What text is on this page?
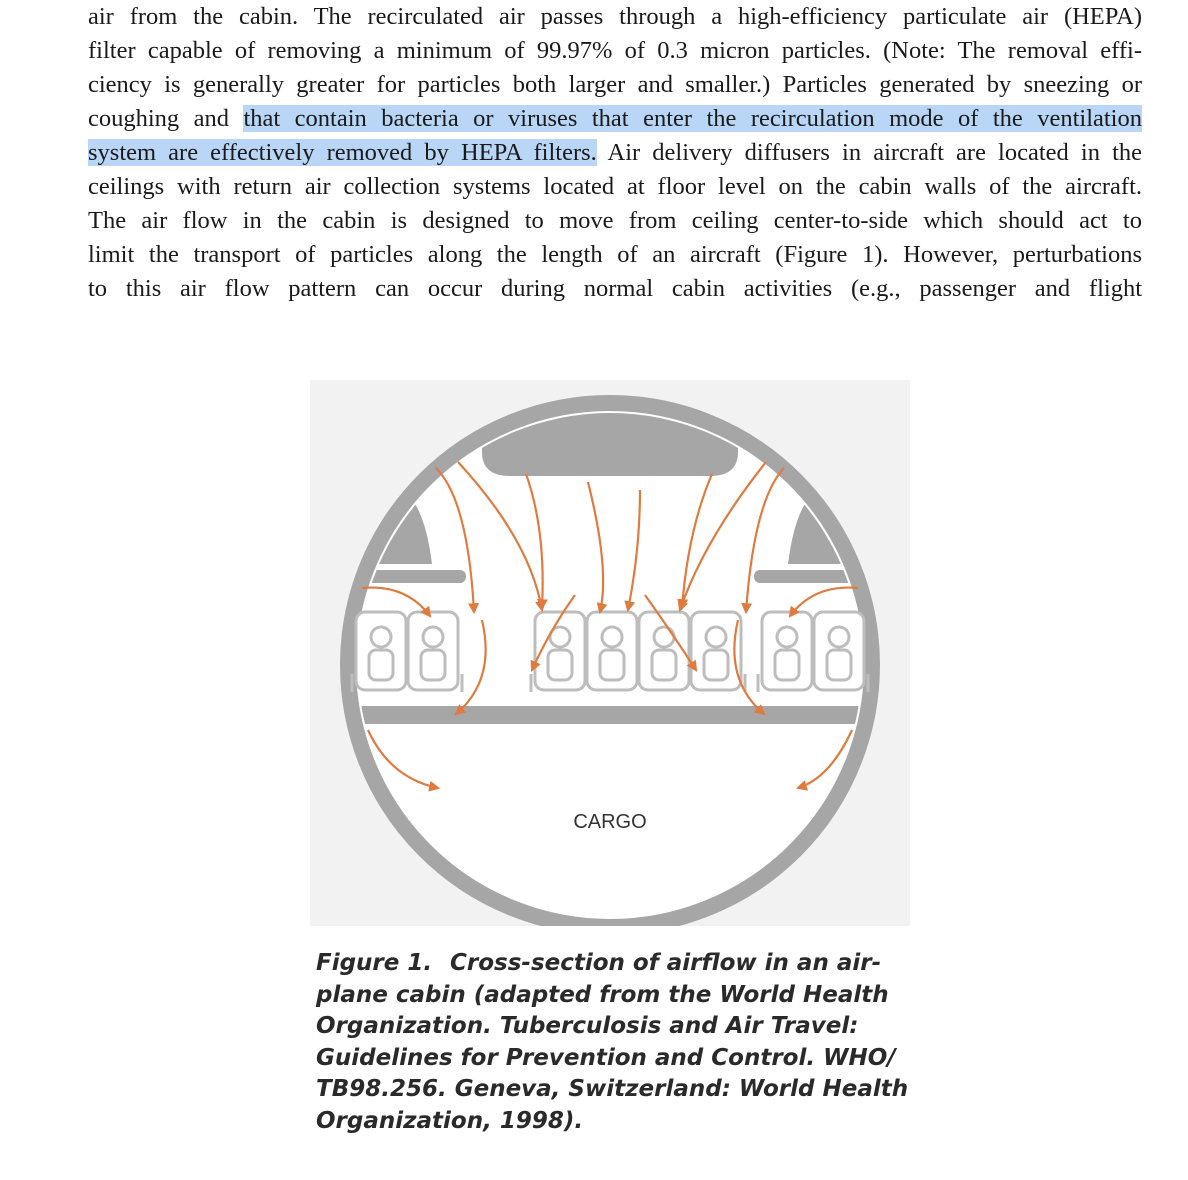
air from the cabin. The recirculated air passes through a high-efficiency particulate air (HEPA)
filter capable of removing a minimum of 99.97% of 0.3 micron particles. (Note: The removal effi-
ciency is generally greater for particles both larger and smaller.) Particles generated by sneezing or
coughing and that contain bacteria or viruses that enter the recirculation mode of the ventilation
system are effectively removed by HEPA filters. Air delivery diffusers in aircraft are located in the
ceilings with return air collection systems located at floor level on the cabin walls of the aircraft.
The air flow in the cabin is designed to move from ceiling center-to-side which should act to
limit the transport of particles along the length of an aircraft (Figure 1). However, perturbations
to this air flow pattern can occur during normal cabin activities (e.g., passenger and flight
CARGO
Figure 1. Cross-section of airflow in an air-
plane cabin (adapted from the World Health
Organization. Tuberculosis and Air Travel:
Guidelines for Prevention and Control. WHO/
TB98.256. Geneva, Switzerland: World Health
Organization, 1998).
